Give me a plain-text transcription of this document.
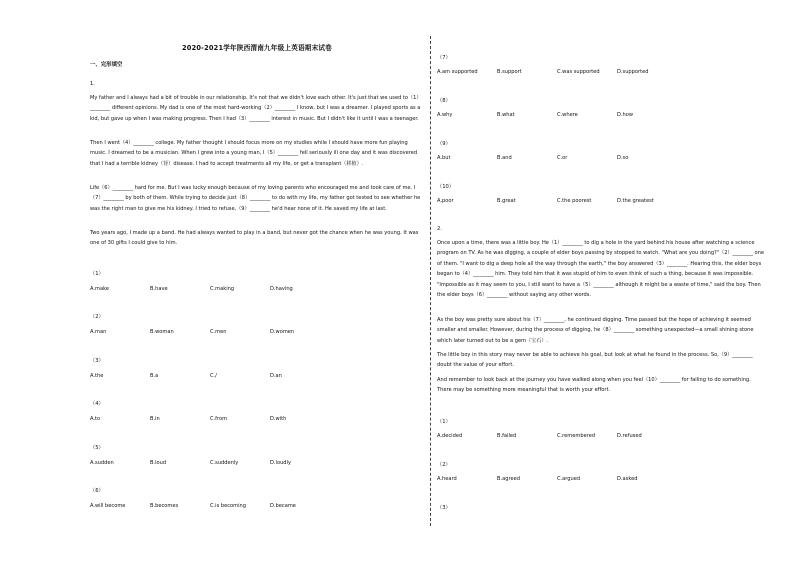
2020-2021学年陕西渭南九年级上英语期末试卷
一、完形填空
1.

My father and I always had a bit of trouble in our relationship. It's not that we didn't love each other. It's just that we used to（1）________ different opinions. My dad is one of the most hard-working（2）________ I know, but I was a dreamer. I played sports as a kid, but gave up when I was making progress. Then I had（3）________ interest in music. But I didn't like it until I was a teenager.

Then I went（4）________ college. My father thought I should focus more on my studies while I should have more fun playing music. I dreamed to be a musician. When I grew into a young man, I（5）________ fell seriously ill one day and it was discovered that I had a terrible kidney（肾）disease. I had to accept treatments all my life, or get a transplant（移植）.

Life（6）________ hard for me. But I was lucky enough because of my loving parents who encouraged me and took care of me. I（7）________ by both of them. While trying to decide just（8）________ to do with my life, my father got tested to see whether he was the right man to give me his kidney. I tried to refuse,（9）________ he'd hear none of it. He saved my life at last.

Two years ago, I made up a band. He had always wanted to play in a band, but never got the chance when he was young. It was one of 30 gifts I could give to him.

（1）
A.make	B.have	C.making	D.having
（2）
A.man	B.woman	C.men	D.women
（3）
A.the	B.a	C./	D.an
（4）
A.to	B.in	C.from	D.with
（5）
A.sudden	B.loud	C.suddenly	D.loudly
（6）
A.will become	B.becomes	C.is becoming	D.became
（7）
A.am supported	B.support	C.was supported	D.supported
（8）
A.why	B.what	C.where	D.how
（9）
A.but	B.and	C.or	D.so
（10）
A.poor	B.great	C.the poorest	D.the greatest
2.

Once upon a time, there was a little boy. He（1）________ to dig a hole in the yard behind his house after watching a science program on TV. As he was digging, a couple of elder boys passing by stopped to watch. "What are you doing?"（2）________ one of them. "I want to dig a deep hole all the way through the earth," the boy answered（3）________. Hearing this, the elder boys began to（4）________ him. They told him that it was stupid of him to even think of such a thing, because it was impossible. "Impossible as it may seem to you, I still want to have a（5）________ although it might be a waste of time," said the boy. Then the elder boys（6）________ without saying any other words.

As the boy was pretty sure about his（7）________, he continued digging. Time passed but the hope of achieving it seemed smaller and smaller. However, during the process of digging, he（8）________ something unexpected—a small shining stone which later turned out to be a gem（宝石）.

The little boy in this story may never be able to achieve his goal, but look at what he found in the process. So,（9）________ doubt the value of your effort.

And remember to look back at the journey you have walked along when you feel（10）________ for failing to do something. There may be something more meaningful that is worth your effort.

（1）
A.decided	B.failed	C.remembered	D.refused
（2）
A.heard	B.agreed	C.argued	D.asked
（3）
